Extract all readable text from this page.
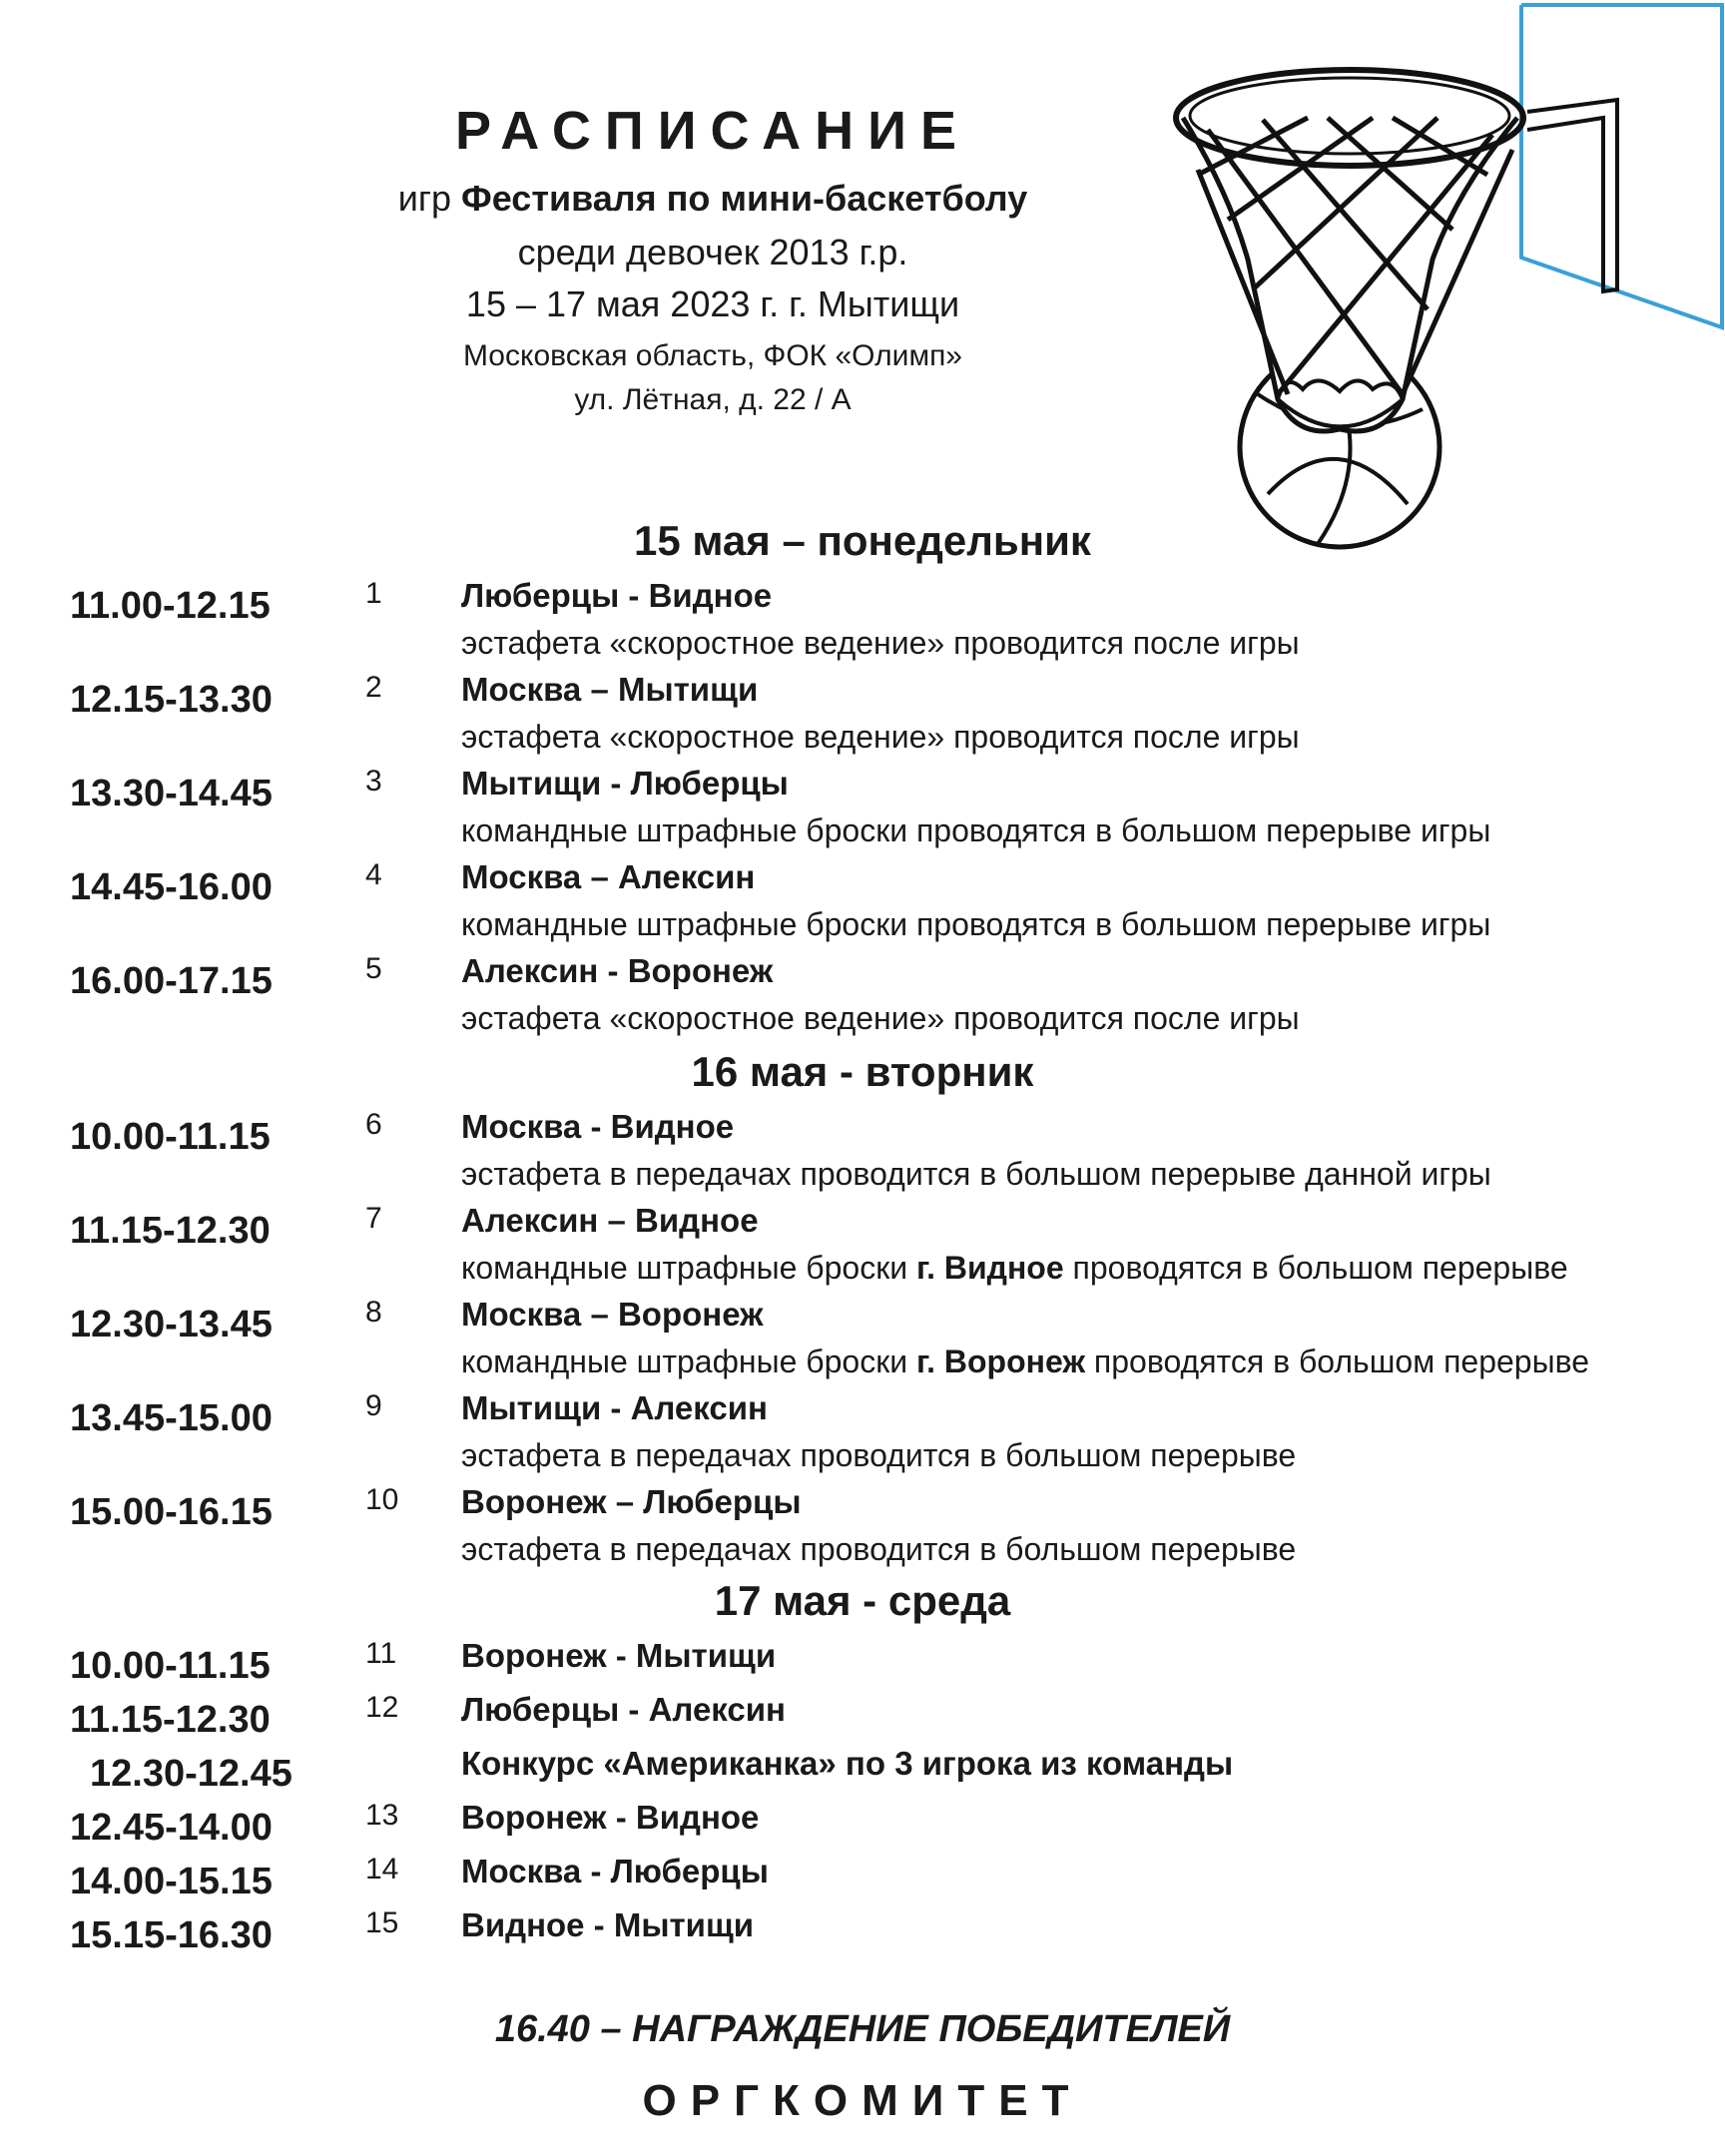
РАСПИСАНИЕ
игр Фестиваля по мини-баскетболу
среди девочек 2013 г.р.
15 – 17 мая 2023 г. г. Мытищи
Московская область, ФОК «Олимп»
ул. Лётная, д. 22 / А
15 мая – понедельник
11.00-12.15	1 Люберцы - Видное
эстафета «скоростное ведение» проводится после игры
12.15-13.30	2 Москва – Мытищи
эстафета «скоростное ведение» проводится после игры
13.30-14.45	3 Мытищи - Люберцы
командные штрафные броски проводятся в большом перерыве игры
14.45-16.00	4 Москва – Алексин
командные штрафные броски проводятся в большом перерыве игры
16.00-17.15	5 Алексин - Воронеж
эстафета «скоростное ведение» проводится после игры
16 мая - вторник
10.00-11.15	6 Москва - Видное
эстафета в передачах проводится в большом перерыве данной игры
11.15-12.30	7 Алексин – Видное
командные штрафные броски г. Видное проводятся в большом перерыве
12.30-13.45	8 Москва – Воронеж
командные штрафные броски г. Воронеж проводятся в большом перерыве
13.45-15.00	9 Мытищи - Алексин
эстафета в передачах проводится в большом перерыве
15.00-16.15	10 Воронеж – Люберцы
эстафета в передачах проводится в большом перерыве
17 мая - среда
10.00-11.15	11 Воронеж - Мытищи
11.15-12.30	12 Люберцы - Алексин
12.30-12.45	Конкурс «Американка» по 3 игрока из команды
12.45-14.00	13 Воронеж - Видное
14.00-15.15	14 Москва - Люберцы
15.15-16.30	15 Видное - Мытищи
16.40 – НАГРАЖДЕНИЕ ПОБЕДИТЕЛЕЙ
ОРГКОМИТЕТ
